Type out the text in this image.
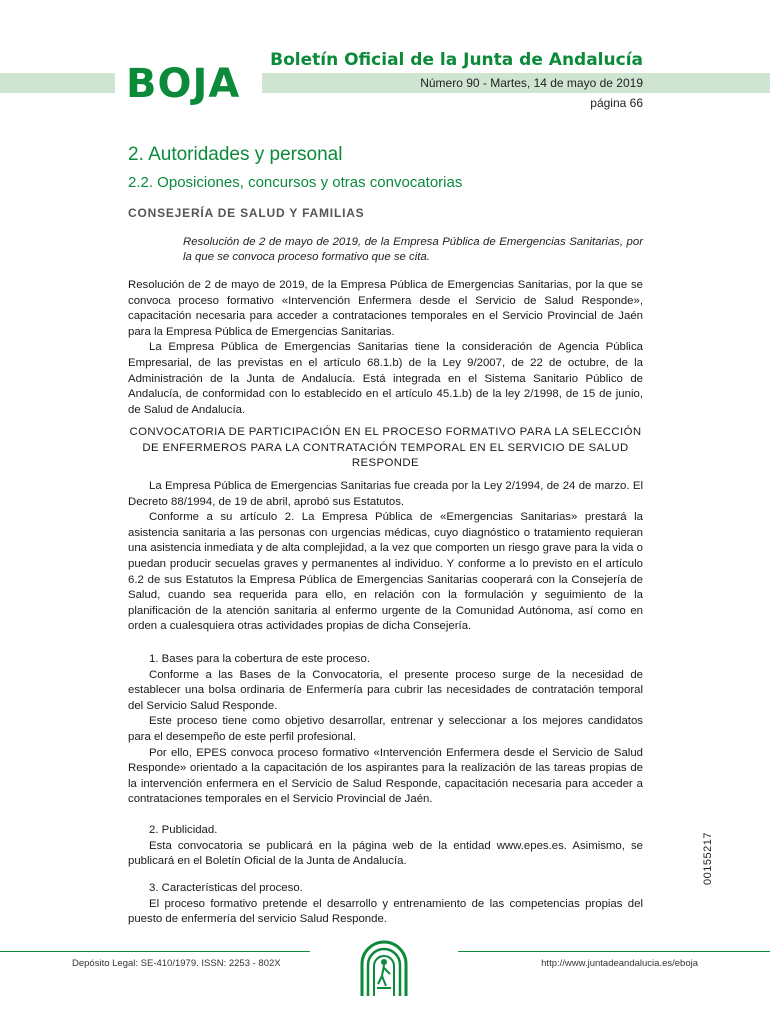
BOJA
Boletín Oficial de la Junta de Andalucía
Número 90 - Martes, 14 de mayo de 2019
página 66
2. Autoridades y personal
2.2. Oposiciones, concursos y otras convocatorias
CONSEJERÍA DE SALUD Y FAMILIAS
Resolución de 2 de mayo de 2019, de la Empresa Pública de Emergencias Sanitarias, por la que se convoca proceso formativo que se cita.

Resolución de 2 de mayo de 2019, de la Empresa Pública de Emergencias Sanitarias, por la que se convoca proceso formativo «Intervención Enfermera desde el Servicio de Salud Responde», capacitación necesaria para acceder a contrataciones temporales en el Servicio Provincial de Jaén para la Empresa Pública de Emergencias Sanitarias.

La Empresa Pública de Emergencias Sanitarias tiene la consideración de Agencia Pública Empresarial, de las previstas en el artículo 68.1.b) de la Ley 9/2007, de 22 de octubre, de la Administración de la Junta de Andalucía. Está integrada en el Sistema Sanitario Público de Andalucía, de conformidad con lo establecido en el artículo 45.1.b) de la ley 2/1998, de 15 de junio, de Salud de Andalucía.

CONVOCATORIA DE PARTICIPACIÓN EN EL PROCESO FORMATIVO PARA LA SELECCIÓN DE ENFERMEROS PARA LA CONTRATACIÓN TEMPORAL EN EL SERVICIO DE SALUD RESPONDE

La Empresa Pública de Emergencias Sanitarias fue creada por la Ley 2/1994, de 24 de marzo. El Decreto 88/1994, de 19 de abril, aprobó sus Estatutos.

Conforme a su artículo 2. La Empresa Pública de «Emergencias Sanitarias» prestará la asistencia sanitaria a las personas con urgencias médicas, cuyo diagnóstico o tratamiento requieran una asistencia inmediata y de alta complejidad, a la vez que comporten un riesgo grave para la vida o puedan producir secuelas graves y permanentes al individuo. Y conforme a lo previsto en el artículo 6.2 de sus Estatutos la Empresa Pública de Emergencias Sanitarias cooperará con la Consejería de Salud, cuando sea requerida para ello, en relación con la formulación y seguimiento de la planificación de la atención sanitaria al enfermo urgente de la Comunidad Autónoma, así como en orden a cualesquiera otras actividades propias de dicha Consejería.

1. Bases para la cobertura de este proceso.

Conforme a las Bases de la Convocatoria, el presente proceso surge de la necesidad de establecer una bolsa ordinaria de Enfermería para cubrir las necesidades de contratación temporal del Servicio Salud Responde.

Este proceso tiene como objetivo desarrollar, entrenar y seleccionar a los mejores candidatos para el desempeño de este perfil profesional.

Por ello, EPES convoca proceso formativo «Intervención Enfermera desde el Servicio de Salud Responde» orientado a la capacitación de los aspirantes para la realización de las tareas propias de la intervención enfermera en el Servicio de Salud Responde, capacitación necesaria para acceder a contrataciones temporales en el Servicio Provincial de Jaén.

2. Publicidad.

Esta convocatoria se publicará en la página web de la entidad www.epes.es. Asimismo, se publicará en el Boletín Oficial de la Junta de Andalucía.

3. Características del proceso.

El proceso formativo pretende el desarrollo y entrenamiento de las competencias propias del puesto de enfermería del servicio Salud Responde.

00155217
Depósito Legal: SE-410/1979. ISSN: 2253 - 802X	http://www.juntadeandalucia.es/eboja
